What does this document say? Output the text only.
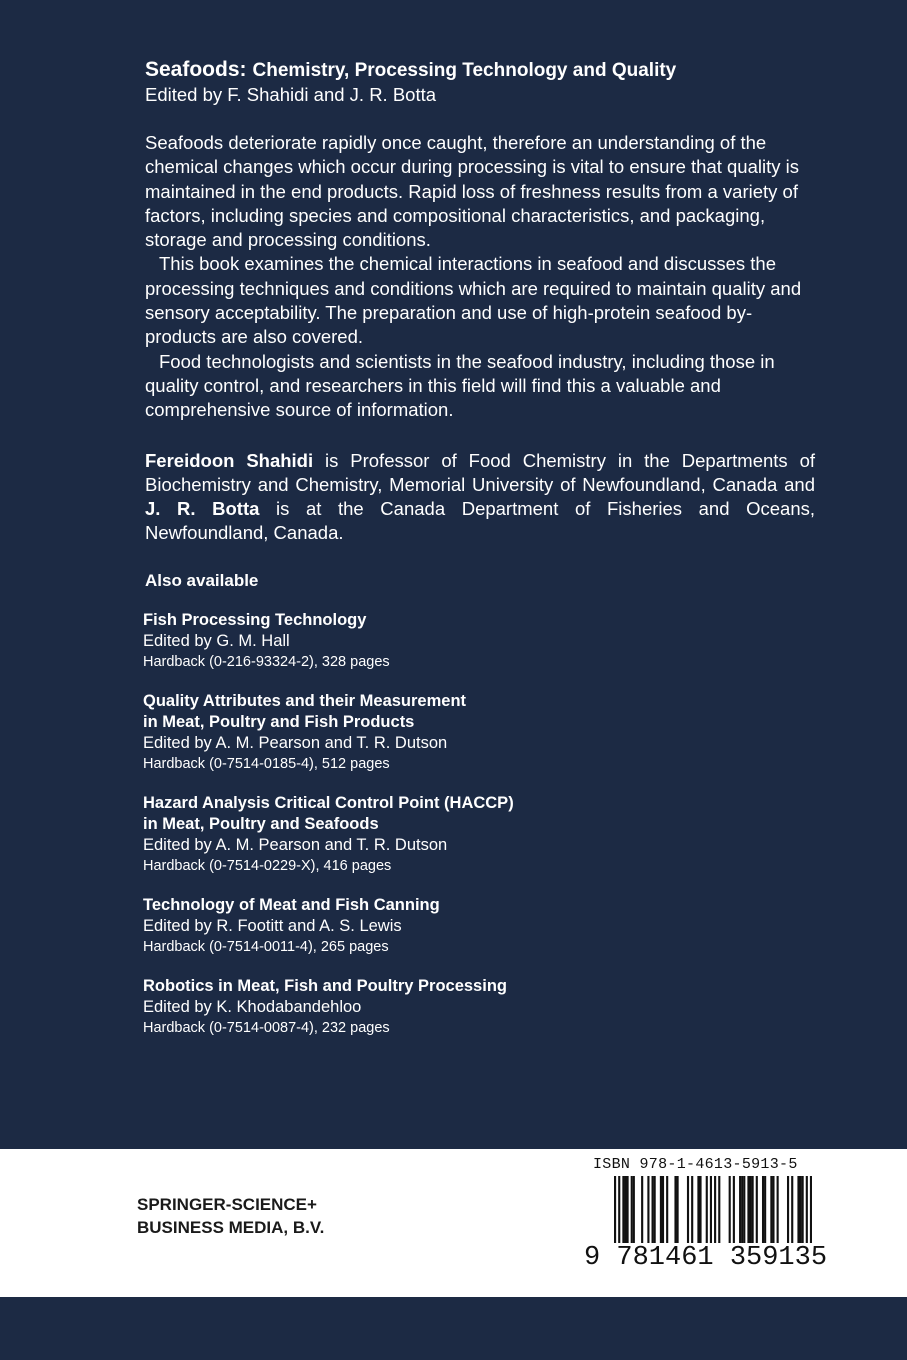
Seafoods: Chemistry, Processing Technology and Quality
Edited by F. Shahidi and J. R. Botta

Seafoods deteriorate rapidly once caught, therefore an understanding of the chemical changes which occur during processing is vital to ensure that quality is maintained in the end products. Rapid loss of freshness results from a variety of factors, including species and compositional characteristics, and packaging, storage and processing conditions.

This book examines the chemical interactions in seafood and discusses the processing techniques and conditions which are required to maintain quality and sensory acceptability. The preparation and use of high-protein seafood by-products are also covered.

Food technologists and scientists in the seafood industry, including those in quality control, and researchers in this field will find this a valuable and comprehensive source of information.

Fereidoon Shahidi is Professor of Food Chemistry in the Departments of Biochemistry and Chemistry, Memorial University of Newfoundland, Canada and J. R. Botta is at the Canada Department of Fisheries and Oceans, Newfoundland, Canada.
Also available
Fish Processing Technology
Edited by G. M. Hall
Hardback (0-216-93324-2), 328 pages
Quality Attributes and their Measurement
in Meat, Poultry and Fish Products
Edited by A. M. Pearson and T. R. Dutson
Hardback (0-7514-0185-4), 512 pages
Hazard Analysis Critical Control Point (HACCP)
in Meat, Poultry and Seafoods
Edited by A. M. Pearson and T. R. Dutson
Hardback (0-7514-0229-X), 416 pages
Technology of Meat and Fish Canning
Edited by R. Footitt and A. S. Lewis
Hardback (0-7514-0011-4), 265 pages
Robotics in Meat, Fish and Poultry Processing
Edited by K. Khodabandehloo
Hardback (0-7514-0087-4), 232 pages
SPRINGER-SCIENCE+
BUSINESS MEDIA, B.V.
ISBN 978-1-4613-5913-5
9 781461 359135
